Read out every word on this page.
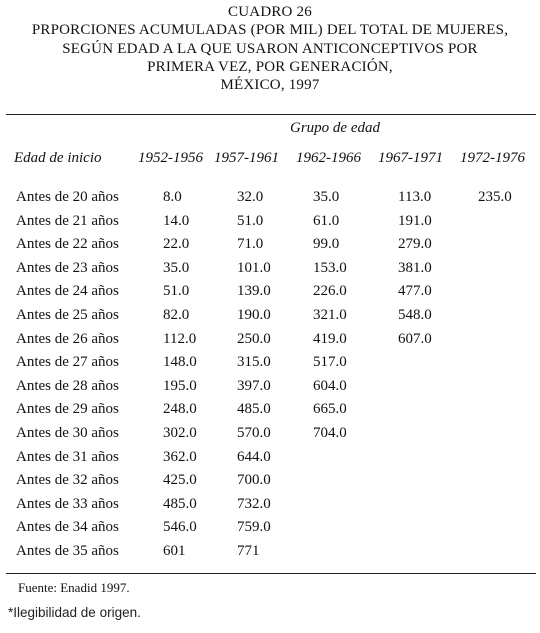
CUADRO 26
PRPORCIONES ACUMULADAS (POR MIL) DEL TOTAL DE MUJERES,
SEGÚN EDAD A LA QUE USARON ANTICONCEPTIVOS POR
PRIMERA VEZ, POR GENERACIÓN,
MÉXICO, 1997
Grupo de edad
Edad de inicio 1952-1956 1957-1961 1962-1966 1967-1971 1972-1976
Antes de 20 años	8.0	32.0	35.0	113.0	235.0
Antes de 21 años	14.0	51.0	61.0	191.0
Antes de 22 años	22.0	71.0	99.0	279.0
Antes de 23 años	35.0	101.0	153.0	381.0
Antes de 24 años	51.0	139.0	226.0	477.0
Antes de 25 años	82.0	190.0	321.0	548.0
Antes de 26 años	112.0	250.0	419.0	607.0
Antes de 27 años	148.0	315.0	517.0
Antes de 28 años	195.0	397.0	604.0
Antes de 29 años	248.0	485.0	665.0
Antes de 30 años	302.0	570.0	704.0
Antes de 31 años	362.0	644.0
Antes de 32 años	425.0	700.0
Antes de 33 años	485.0	732.0
Antes de 34 años	546.0	759.0
Antes de 35 años	601	771
Fuente: Enadid 1997.
*Ilegibilidad de origen.
